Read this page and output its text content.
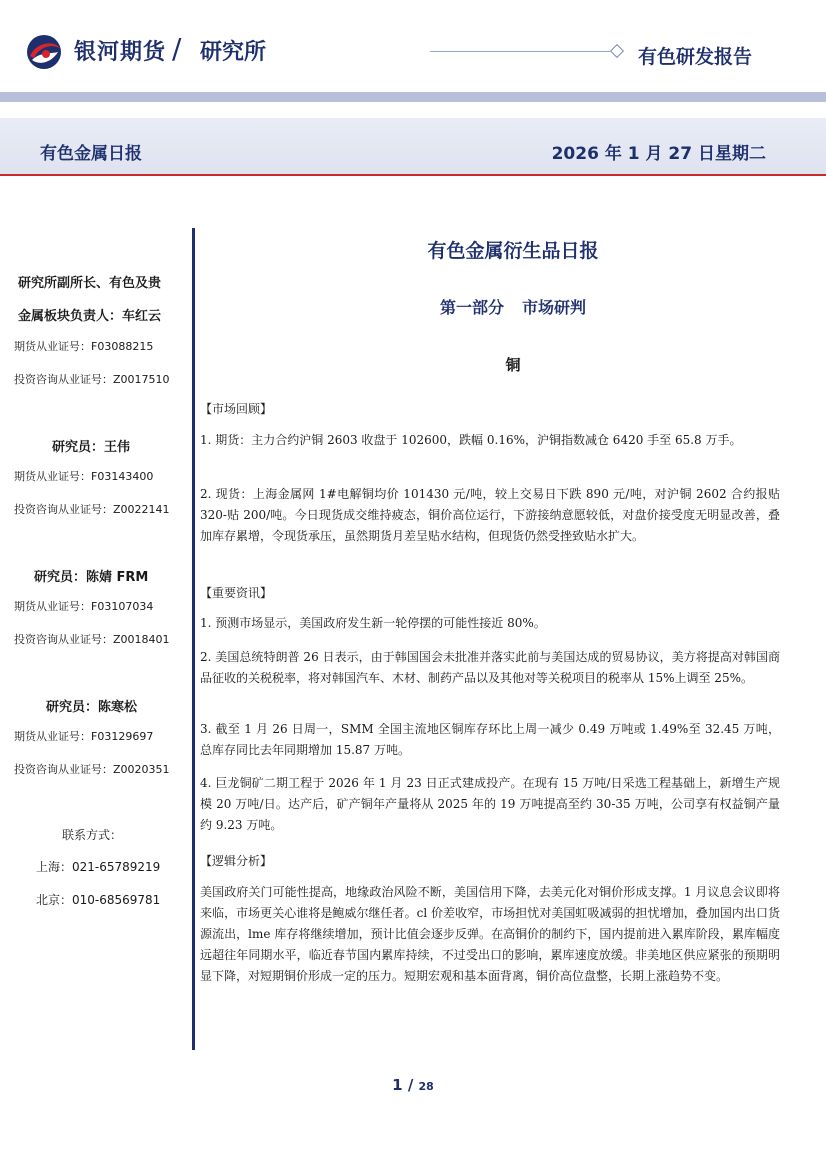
银河期货 / 研究所	有色研发报告
有色金属日报	2026 年 1 月 27 日星期二
研究所副所长、有色及贵
金属板块负责人：车红云
期货从业证号：F03088215
投资咨询从业证号：Z0017510
研究员：王伟
期货从业证号：F03143400
投资咨询从业证号：Z0022141
研究员：陈婧 FRM
期货从业证号：F03107034
投资咨询从业证号：Z0018401
研究员：陈寒松
期货从业证号：F03129697
投资咨询从业证号：Z0020351
联系方式：
上海：021-65789219
北京：010-68569781
有色金属衍生品日报
第一部分 市场研判
铜
【市场回顾】
1. 期货：主力合约沪铜 2603 收盘于 102600，跌幅 0.16%，沪铜指数减仓 6420 手至 65.8 万手。
2. 现货：上海金属网 1#电解铜均价 101430 元/吨，较上交易日下跌 890 元/吨，对沪铜 2602 合约报贴 320-贴 200/吨。今日现货成交维持疲态，铜价高位运行，下游接纳意愿较低，对盘价接受度无明显改善，叠加库存累增，令现货承压，虽然期货月差呈贴水结构，但现货仍然受挫致贴水扩大。
【重要资讯】
1. 预测市场显示，美国政府发生新一轮停摆的可能性接近 80%。
2. 美国总统特朗普 26 日表示，由于韩国国会未批准并落实此前与美国达成的贸易协议，美方将提高对韩国商品征收的关税税率，将对韩国汽车、木材、制药产品以及其他对等关税项目的税率从 15%上调至 25%。
3. 截至 1 月 26 日周一，SMM 全国主流地区铜库存环比上周一减少 0.49 万吨或 1.49%至 32.45 万吨，总库存同比去年同期增加 15.87 万吨。
4. 巨龙铜矿二期工程于 2026 年 1 月 23 日正式建成投产。在现有 15 万吨/日采选工程基础上，新增生产规模 20 万吨/日。达产后，矿产铜年产量将从 2025 年的 19 万吨提高至约 30-35 万吨，公司享有权益铜产量约 9.23 万吨。
【逻辑分析】
美国政府关门可能性提高，地缘政治风险不断，美国信用下降，去美元化对铜价形成支撑。1 月议息会议即将来临，市场更关心谁将是鲍威尔继任者。cl 价差收窄，市场担忧对美国虹吸减弱的担忧增加，叠加国内出口货源流出，lme 库存将继续增加，预计比值会逐步反弹。在高铜价的制约下，国内提前进入累库阶段，累库幅度远超往年同期水平，临近春节国内累库持续，不过受出口的影响，累库速度放缓。非美地区供应紧张的预期明显下降，对短期铜价形成一定的压力。短期宏观和基本面背离，铜价高位盘整，长期上涨趋势不变。
1 / 28
